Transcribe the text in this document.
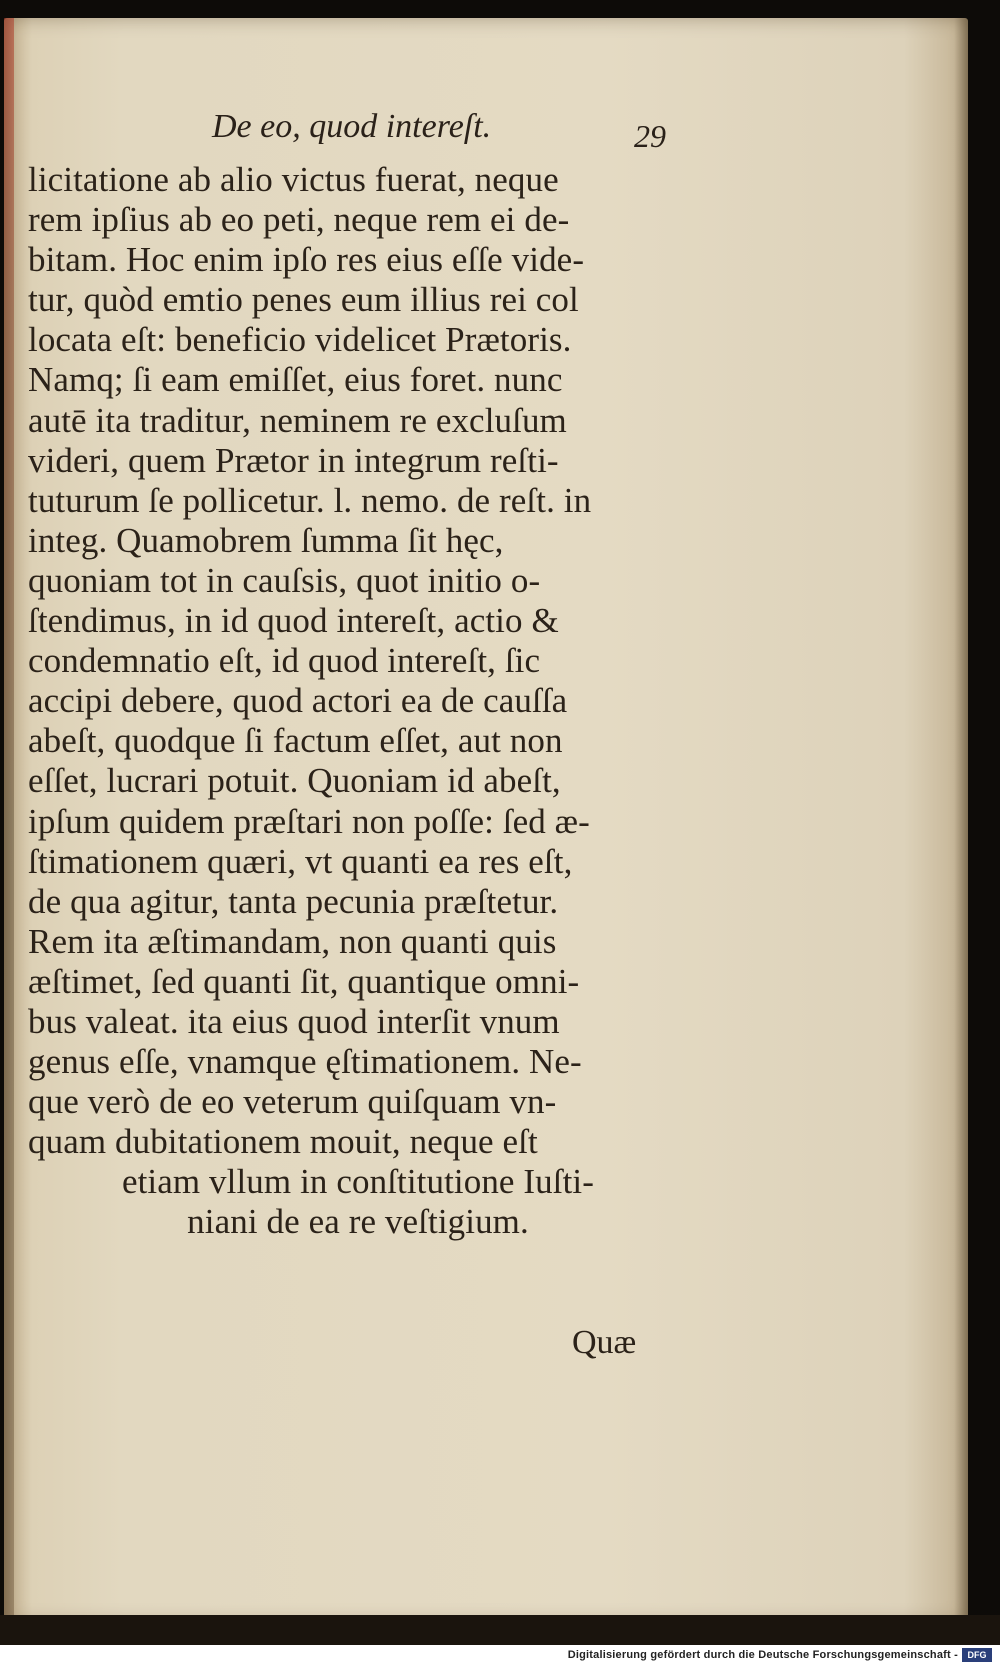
De eo, quod intereſt.	29
licitatione ab alio victus fuerat, neque
rem ipſius ab eo peti, neque rem ei de-
bitam. Hoc enim ipſo res eius eſſe vide-
tur, quòd emtio penes eum illius rei col
locata eſt: beneficio videlicet Prætoris.
Namq; ſi eam emiſſet, eius foret. nunc
autē ita traditur, neminem re excluſum
videri, quem Prætor in integrum reſti-
tuturum ſe pollicetur. l. nemo. de reſt. in
integ. Quamobrem ſumma ſit hęc,
quoniam tot in cauſsis, quot initio o-
ſtendimus, in id quod intereſt, actio &
condemnatio eſt, id quod intereſt, ſic
accipi debere, quod actori ea de cauſſa
abeſt, quodque ſi factum eſſet, aut non
eſſet, lucrari potuit. Quoniam id abeſt,
ipſum quidem præſtari non poſſe: ſed æ-
ſtimationem quæri, vt quanti ea res eſt,
de qua agitur, tanta pecunia præſtetur.
Rem ita æſtimandam, non quanti quis
æſtimet, ſed quanti ſit, quantique omni-
bus valeat. ita eius quod interſit vnum
genus eſſe, vnamque ęſtimationem. Ne-
que verò de eo veterum quiſquam vn-
quam dubitationem mouit, neque eſt
etiam vllum in conſtitutione Iuſti-
niani de ea re veſtigium.
Quæ
Digitalisierung gefördert durch die Deutsche Forschungsgemeinschaft -	DFG
